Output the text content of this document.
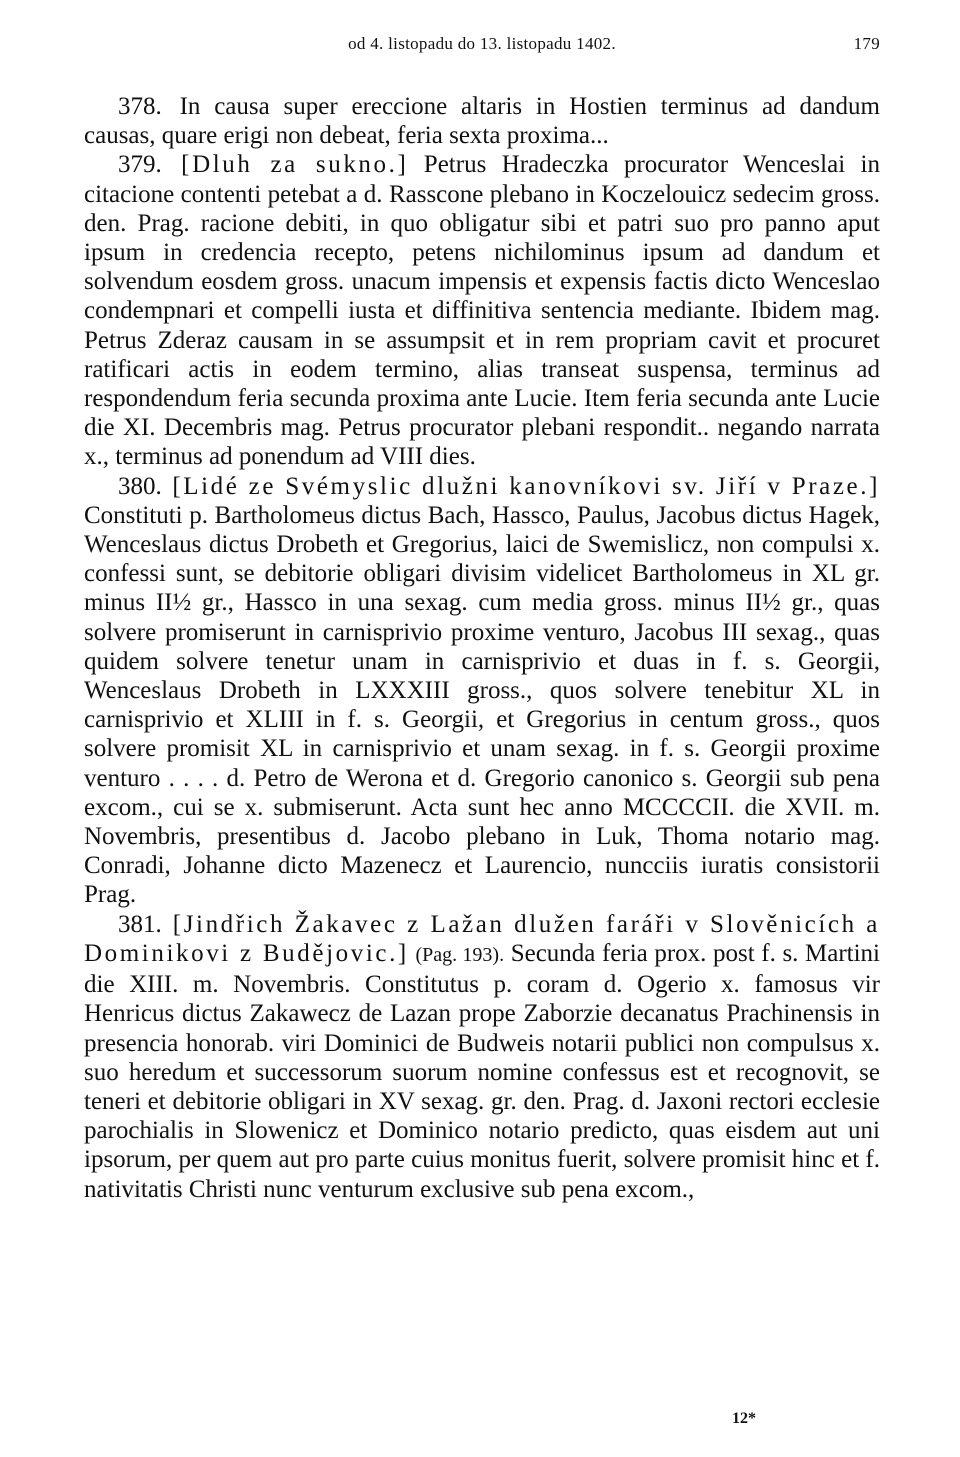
od 4. listopadu do 13. listopadu 1402.	179

378. In causa super ereccione altaris in Hostien terminus ad dandum causas, quare erigi non debeat, feria sexta proxima...

379. [Dluh za sukno.] Petrus Hradeczka procurator Wenceslai in citacione contenti petebat a d. Rasscone plebano in Koczelouicz sedecim gross. den. Prag. racione debiti, in quo obligatur sibi et patri suo pro panno aput ipsum in credencia recepto, petens nichilominus ipsum ad dandum et solvendum eosdem gross. unacum impensis et expensis factis dicto Wenceslao condempnari et compelli iusta et diffinitiva sentencia mediante. Ibidem mag. Petrus Zderaz causam in se assumpsit et in rem propriam cavit et procuret ratificari actis in eodem termino, alias transeat suspensa, terminus ad respondendum feria secunda proxima ante Lucie. Item feria secunda ante Lucie die XI. Decembris mag. Petrus procurator plebani respondit.. negando narrata x., terminus ad ponendum ad VIII dies.

380. [Lidé ze Svémyslic dlužni kanovníkovi sv. Jiří v Praze.] Constituti p. Bartholomeus dictus Bach, Hassco, Paulus, Jacobus dictus Hagek, Wenceslaus dictus Drobeth et Gregorius, laici de Swemislicz, non compulsi x. confessi sunt, se debitorie obligari divisim videlicet Bartholomeus in XL gr. minus II½ gr., Hassco in una sexag. cum media gross. minus II½ gr., quas solvere promiserunt in carnisprivio proxime venturo, Jacobus III sexag., quas quidem solvere tenetur unam in carnisprivio et duas in f. s. Georgii, Wenceslaus Drobeth in LXXXIII gross., quos solvere tenebitur XL in carnisprivio et XLIII in f. s. Georgii, et Gregorius in centum gross., quos solvere promisit XL in carnisprivio et unam sexag. in f. s. Georgii proxime venturo . . . . d. Petro de Werona et d. Gregorio canonico s. Georgii sub pena excom., cui se x. submiserunt. Acta sunt hec anno MCCCCII. die XVII. m. Novembris, presentibus d. Jacobo plebano in Luk, Thoma notario mag. Conradi, Johanne dicto Mazenecz et Laurencio, nuncciis iuratis consistorii Prag.

381. [Jindřich Žakavec z Lažan dlužen faráři v Slověnicích a Dominikovi z Budějovic.] (Pag. 193). Secunda feria prox. post f. s. Martini die XIII. m. Novembris. Constitutus p. coram d. Ogerio x. famosus vir Henricus dictus Zakawecz de Lazan prope Zaborzie decanatus Prachinensis in presencia honorab. viri Dominici de Budweis notarii publici non compulsus x. suo heredum et successorum suorum nomine confessus est et recognovit, se teneri et debitorie obligari in XV sexag. gr. den. Prag. d. Jaxoni rectori ecclesie parochialis in Slowenicz et Dominico notario predicto, quas eisdem aut uni ipsorum, per quem aut pro parte cuius monitus fuerit, solvere promisit hinc et f. nativitatis Christi nunc venturum exclusive sub pena excom.,

12*
